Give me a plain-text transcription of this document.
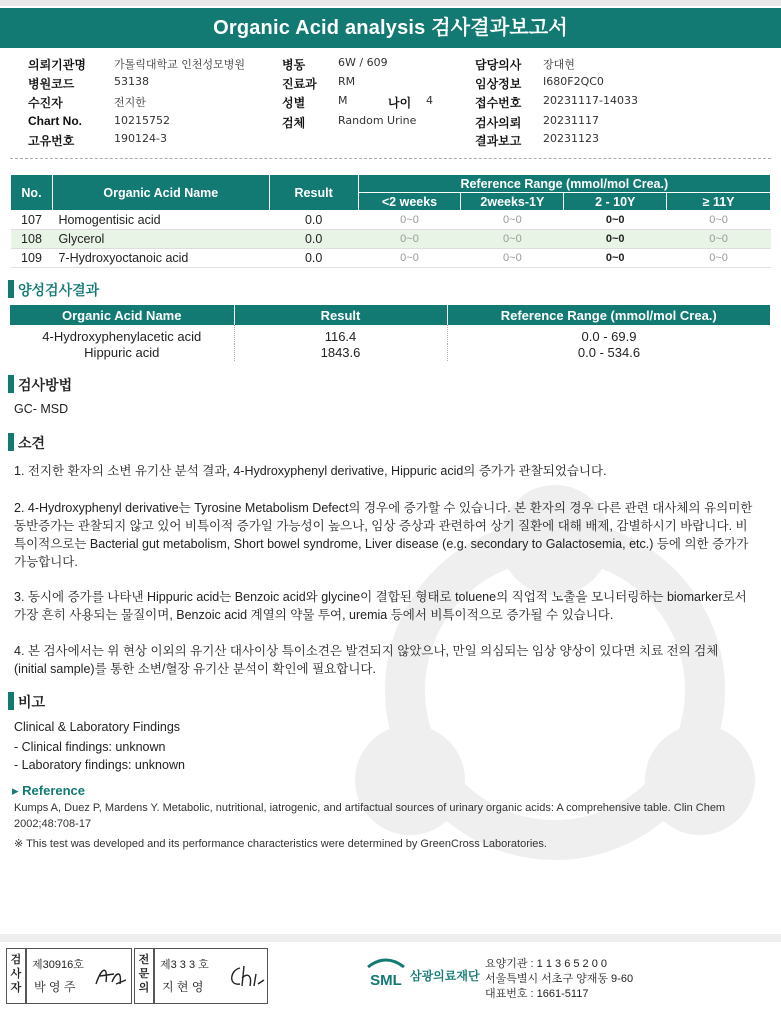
Organic Acid analysis 검사결과보고서
의뢰기관명	가톨릭대학교 인천성모병원	병동	6W / 609	담당의사 장대현
병원코드	53138	진료과 RM	임상정보 I680F2QC0
수진자	전지한	성별	M	나이 4	접수번호 20231117-14033
Chart No.	10215752	검체	Random Urine	검사의뢰 20231117
고유번호	190124-3	결과보고 20231123
No.	Organic Acid Name	Result	Reference Range (mmol/mol Crea.)			
			<2 weeks	2weeks-1Y	2 - 10Y	≥ 11Y
107	Homogentisic acid	0.0	0~0	0~0	0~0	0~0
108	Glycerol	0.0	0~0	0~0	0~0	0~0
109	7-Hydroxyoctanoic acid	0.0	0~0	0~0	0~0	0~0
양성검사결과
Organic Acid Name	Result	Reference Range (mmol/mol Crea.)
4-Hydroxyphenylacetic acid	116.4	0.0 - 69.9
Hippuric acid	1843.6	0.0 - 534.6
검사방법
GC- MSD
소견
1. 전지한 환자의 소변 유기산 분석 결과, 4-Hydroxyphenyl derivative, Hippuric acid의 증가가 관찰되었습니다.
2. 4-Hydroxyphenyl derivative는 Tyrosine Metabolism Defect의 경우에 증가할 수 있습니다. 본 환자의 경우 다른 관련 대사체의 유의미한 동반증가는 관찰되지 않고 있어 비특이적 증가일 가능성이 높으나, 임상 증상과 관련하여 상기 질환에 대해 배제, 감별하시기 바랍니다. 비특이적으로는 Bacterial gut metabolism, Short bowel syndrome, Liver disease (e.g. secondary to Galactosemia, etc.) 등에 의한 증가가 가능합니다.
3. 동시에 증가를 나타낸 Hippuric acid는 Benzoic acid와 glycine이 결합된 형태로 toluene의 직업적 노출을 모니터링하는 biomarker로서 가장 흔히 사용되는 물질이며, Benzoic acid 계열의 약물 투여, uremia 등에서 비특이적으로 증가될 수 있습니다.
4. 본 검사에서는 위 현상 이외의 유기산 대사이상 특이소견은 발견되지 않았으나, 만일 의심되는 임상 양상이 있다면 치료 전의 검체 (initial sample)를 통한 소변/혈장 유기산 분석이 확인에 필요합니다.
비고
Clinical & Laboratory Findings
- Clinical findings: unknown
- Laboratory findings: unknown
▸ Reference
Kumps A, Duez P, Mardens Y. Metabolic, nutritional, iatrogenic, and artifactual sources of urinary organic acids: A comprehensive table. Clin Chem 2002;48:708-17
※ This test was developed and its performance characteristics were determined by GreenCross Laboratories.
검
사
자
제30916호
박 영 주
전
문
의
제3 3 3 호
지 현 영	SML 삼광의료재단
요양기관 : 1 1 3 6 5 2 0 0
서울특별시 서초구 양재동 9-60
대표번호 : 1661-5117
